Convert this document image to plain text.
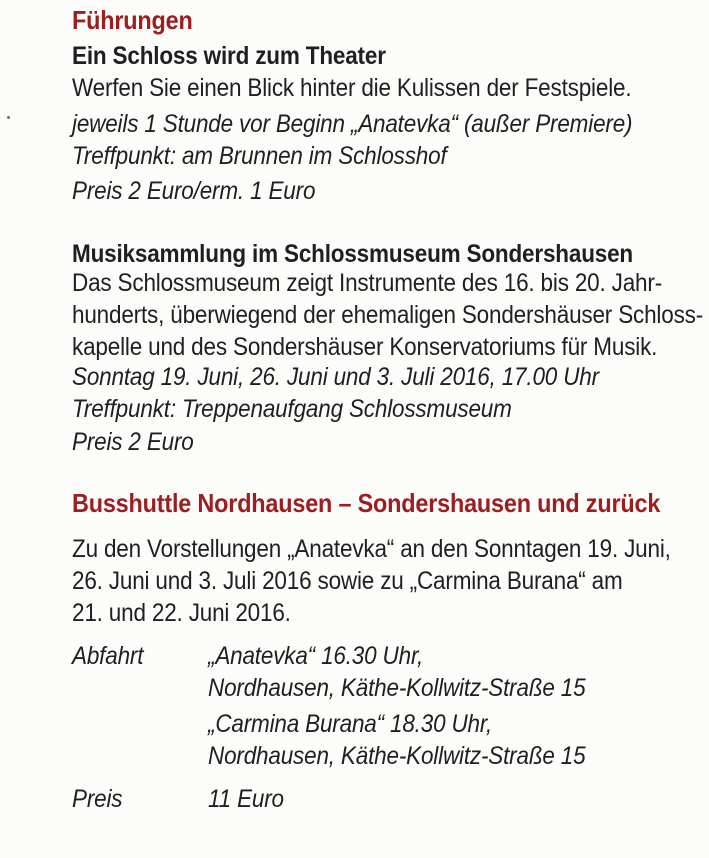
Führungen
Ein Schloss wird zum Theater
Werfen Sie einen Blick hinter die Kulissen der Festspiele.
jeweils 1 Stunde vor Beginn „Anatevka“ (außer Premiere)
Treffpunkt: am Brunnen im Schlosshof
Preis 2 Euro/erm. 1 Euro
Musiksammlung im Schlossmuseum Sondershausen
Das Schlossmuseum zeigt Instrumente des 16. bis 20. Jahr-
hunderts, überwiegend der ehemaligen Sondershäuser Schloss-
kapelle und des Sondershäuser Konservatoriums für Musik.
Sonntag 19. Juni, 26. Juni und 3. Juli 2016, 17.00 Uhr
Treffpunkt: Treppenaufgang Schlossmuseum
Preis 2 Euro
Busshuttle Nordhausen – Sondershausen und zurück
Zu den Vorstellungen „Anatevka“ an den Sonntagen 19. Juni,
26. Juni und 3. Juli 2016 sowie zu „Carmina Burana“ am
21. und 22. Juni 2016.
Abfahrt	„Anatevka“ 16.30 Uhr,
Nordhausen, Käthe-Kollwitz-Straße 15
„Carmina Burana“ 18.30 Uhr,
Nordhausen, Käthe-Kollwitz-Straße 15
Preis	11 Euro
